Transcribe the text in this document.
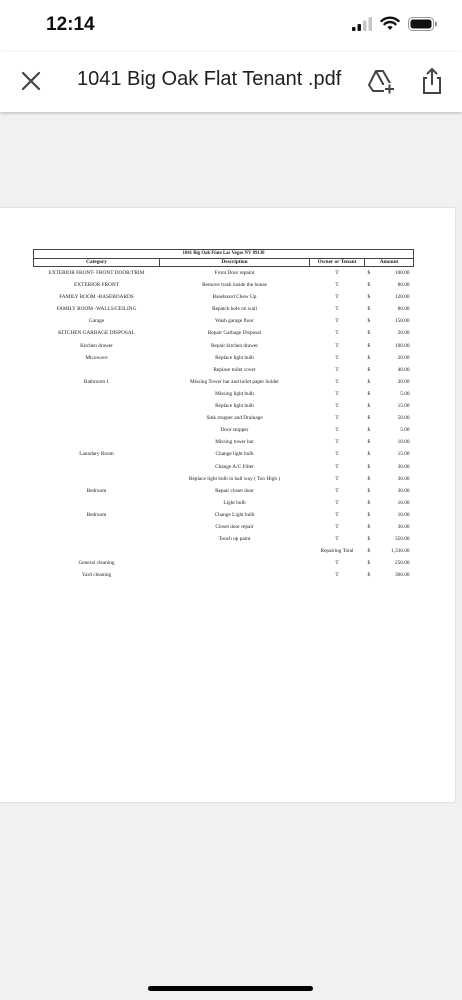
12:14
1041 Big Oak Flat Tenant .pdf
1041 Big Oak Flate Las Vegas NV 89138				
Category	Description	Owner or Tenant	Amount	
EXTERIOR FRONT- FRONT DOOR/TRIM	Front Door repaint	T	$	100.00
EXTERIOR FRONT	Remove trash inside the house	T	$	80.00
FAMILY ROOM -BASEBOARDS	Baseboard Chew Up	T	$	120.00
FAMILY ROOM -WALLS/CEILING	Repatch hole on wall	T	$	80.00
Garage	Wash garage floor	T	$	150.00
KITCHEN GARBAGE DISPOSAL	Repair Garbage Disposal	T	$	20.00
Kitchen drawer	Repair kitchen drawer	T	$	100.00
Micowave	Replace light bulb	T	$	20.00
	Replace toilet cover	T	$	40.00
Bathroom 1	Missing Tower bar and toilet paper holder	T	$	30.00
	Missing light bulb	T	$	5.00
	Replace light bulb	T	$	15.00
	Sink stopper and Drainage	T	$	50.00
	Door stopper	T	$	5.00
	Missing tower bar	T	$	10.00
Laundary Room	Change light bulb	T	$	15.00
	Change A/C Filter	T	$	30.00
	Replace light bulb in hall way ( Too High )	T	$	30.00
Bedroom	Repair closet door	T	$	30.00
	Light bulb	T	$	10.00
Bedroom	Change Light bulb	T	$	10.00
	Closet door repair	T	$	30.00
	Touch up paint	T	$	350.00
		Repairing Total	$	1,330.00
General cleaning		T	$	250.00
Yard cleaning		T	$	300.00
